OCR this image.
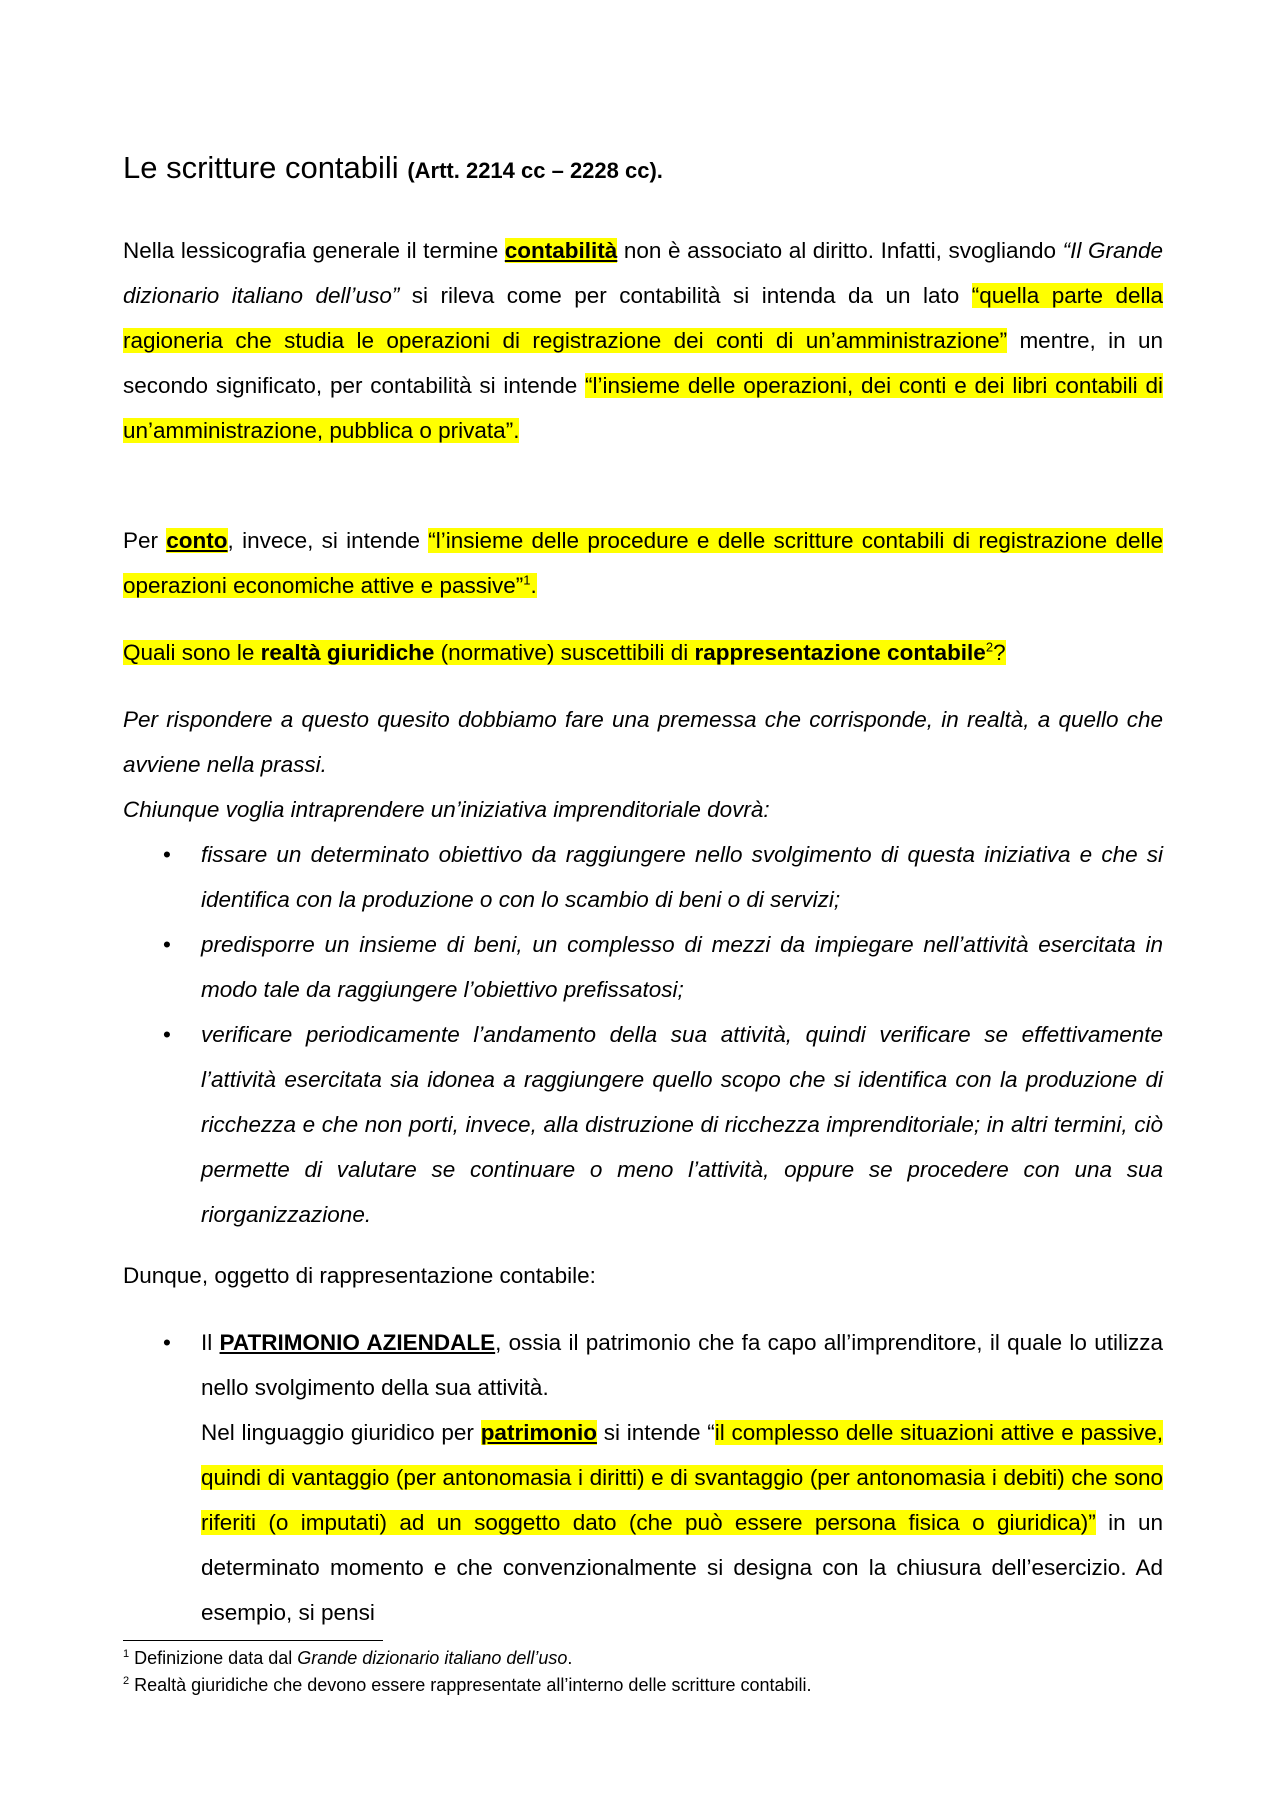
Le scritture contabili (Artt. 2214 cc – 2228 cc).

Nella lessicografia generale il termine contabilità non è associato al diritto. Infatti, svogliando “Il Grande dizionario italiano dell’uso” si rileva come per contabilità si intenda da un lato “quella parte della ragioneria che studia le operazioni di registrazione dei conti di un’amministrazione” mentre, in un secondo significato, per contabilità si intende “l’insieme delle operazioni, dei conti e dei libri contabili di un’amministrazione, pubblica o privata”.

Per conto, invece, si intende “l’insieme delle procedure e delle scritture contabili di registrazione delle operazioni economiche attive e passive”$^1$.

Quali sono le realtà giuridiche (normative) suscettibili di rappresentazione contabile$^2$?

Per rispondere a questo quesito dobbiamo fare una premessa che corrisponde, in realtà, a quello che avviene nella prassi.

Chiunque voglia intraprendere un’iniziativa imprenditoriale dovrà:

• fissare un determinato obiettivo da raggiungere nello svolgimento di questa iniziativa e che si identifica con la produzione o con lo scambio di beni o di servizi;
• predisporre un insieme di beni, un complesso di mezzi da impiegare nell’attività esercitata in modo tale da raggiungere l’obiettivo prefissatosi;
• verificare periodicamente l’andamento della sua attività, quindi verificare se effettivamente l’attività esercitata sia idonea a raggiungere quello scopo che si identifica con la produzione di ricchezza e che non porti, invece, alla distruzione di ricchezza imprenditoriale; in altri termini, ciò permette di valutare se continuare o meno l’attività, oppure se procedere con una sua riorganizzazione.

Dunque, oggetto di rappresentazione contabile:

• Il PATRIMONIO AZIENDALE, ossia il patrimonio che fa capo all’imprenditore, il quale lo utilizza nello svolgimento della sua attività.
Nel linguaggio giuridico per patrimonio si intende “il complesso delle situazioni attive e passive, quindi di vantaggio (per antonomasia i diritti) e di svantaggio (per antonomasia i debiti) che sono riferiti (o imputati) ad un soggetto dato (che può essere persona fisica o giuridica)” in un determinato momento e che convenzionalmente si designa con la chiusura dell’esercizio. Ad esempio, si pensi
$^1$ Definizione data dal Grande dizionario italiano dell’uso.
$^2$ Realtà giuridiche che devono essere rappresentate all’interno delle scritture contabili.
